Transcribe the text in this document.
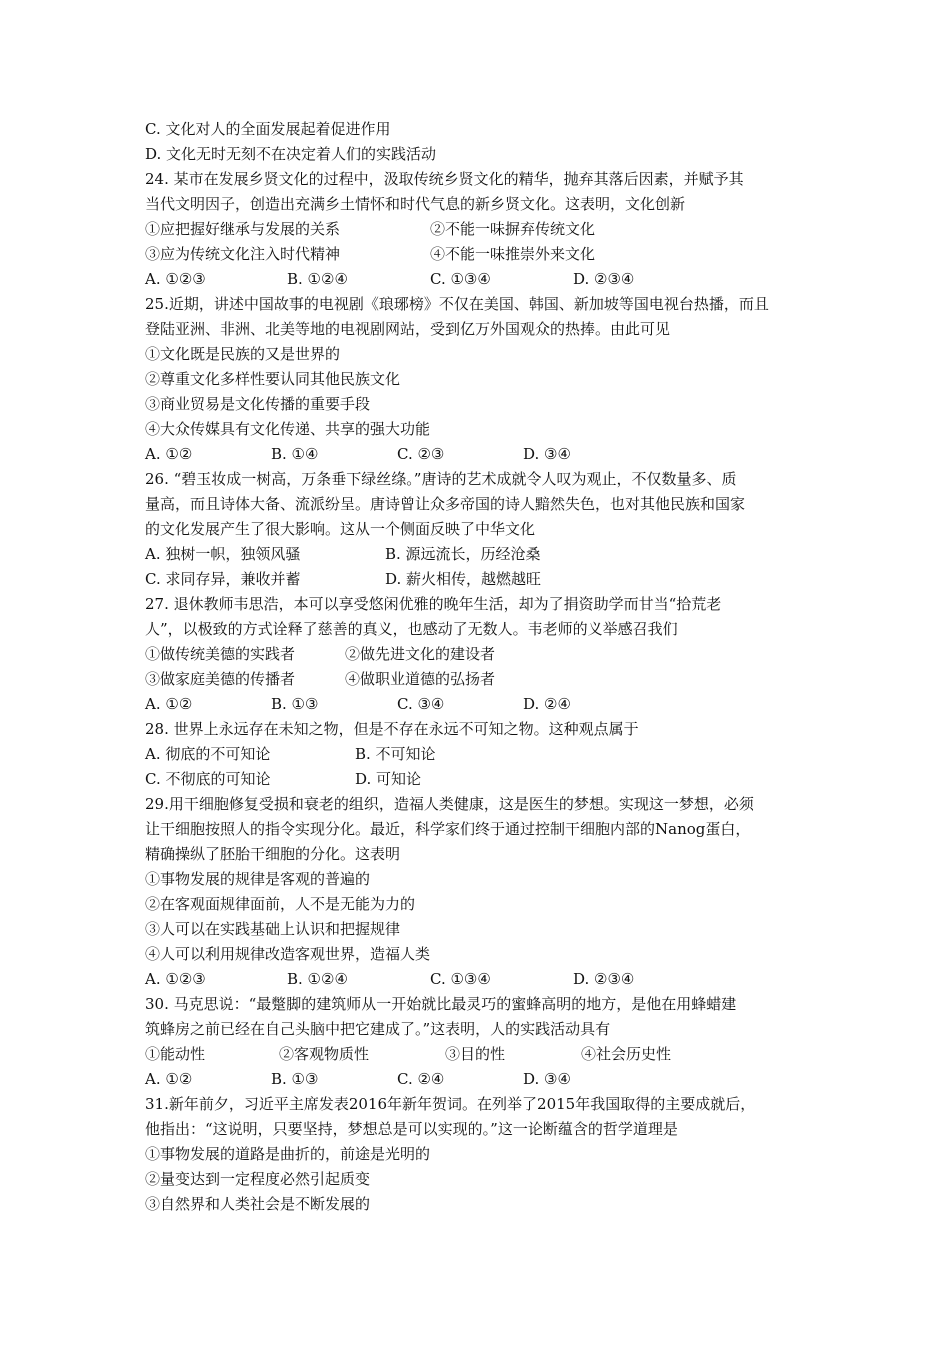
C. 文化对人的全面发展起着促进作用
D. 文化无时无刻不在决定着人们的实践活动
24. 某市在发展乡贤文化的过程中，汲取传统乡贤文化的精华，抛弃其落后因素，并赋予其
当代文明因子，创造出充满乡土情怀和时代气息的新乡贤文化。这表明，文化创新
①应把握好继承与发展的关系	②不能一味摒弃传统文化
③应为传统文化注入时代精神	④不能一味推崇外来文化
A. ①②③	B. ①②④	C. ①③④	D. ②③④
25.近期，讲述中国故事的电视剧《琅琊榜》不仅在美国、韩国、新加坡等国电视台热播，而且
登陆亚洲、非洲、北美等地的电视剧网站，受到亿万外国观众的热捧。由此可见
①文化既是民族的又是世界的
②尊重文化多样性要认同其他民族文化
③商业贸易是文化传播的重要手段
④大众传媒具有文化传递、共享的强大功能
A. ①②	B. ①④	C. ②③	D. ③④
26. “碧玉妆成一树高，万条垂下绿丝绦。”唐诗的艺术成就令人叹为观止，不仅数量多、质
量高，而且诗体大备、流派纷呈。唐诗曾让众多帝国的诗人黯然失色，也对其他民族和国家
的文化发展产生了很大影响。这从一个侧面反映了中华文化
A. 独树一帜，独领风骚	B. 源远流长，历经沧桑
C. 求同存异，兼收并蓄	D. 薪火相传，越燃越旺
27. 退休教师韦思浩，本可以享受悠闲优雅的晚年生活，却为了捐资助学而甘当“拾荒老
人”，以极致的方式诠释了慈善的真义，也感动了无数人。韦老师的义举感召我们
①做传统美德的实践者	②做先进文化的建设者
③做家庭美德的传播者	④做职业道德的弘扬者
A. ①②	B. ①③	C. ③④	D. ②④
28. 世界上永远存在未知之物，但是不存在永远不可知之物。这种观点属于
A. 彻底的不可知论	B. 不可知论
C. 不彻底的可知论	D. 可知论
29.用干细胞修复受损和衰老的组织，造福人类健康，这是医生的梦想。实现这一梦想，必须
让干细胞按照人的指令实现分化。最近，科学家们终于通过控制干细胞内部的Nanog蛋白，
精确操纵了胚胎干细胞的分化。这表明
①事物发展的规律是客观的普遍的
②在客观面规律面前，人不是无能为力的
③人可以在实践基础上认识和把握规律
④人可以利用规律改造客观世界，造福人类
A. ①②③	B. ①②④	C. ①③④	D. ②③④
30. 马克思说：“最蹩脚的建筑师从一开始就比最灵巧的蜜蜂高明的地方，是他在用蜂蜡建
筑蜂房之前已经在自己头脑中把它建成了。”这表明，人的实践活动具有
①能动性	②客观物质性	③目的性	④社会历史性
A. ①②	B. ①③	C. ②④	D. ③④
31.新年前夕，习近平主席发表2016年新年贺词。在列举了2015年我国取得的主要成就后，
他指出：“这说明，只要坚持，梦想总是可以实现的。”这一论断蕴含的哲学道理是
①事物发展的道路是曲折的，前途是光明的
②量变达到一定程度必然引起质变
③自然界和人类社会是不断发展的
